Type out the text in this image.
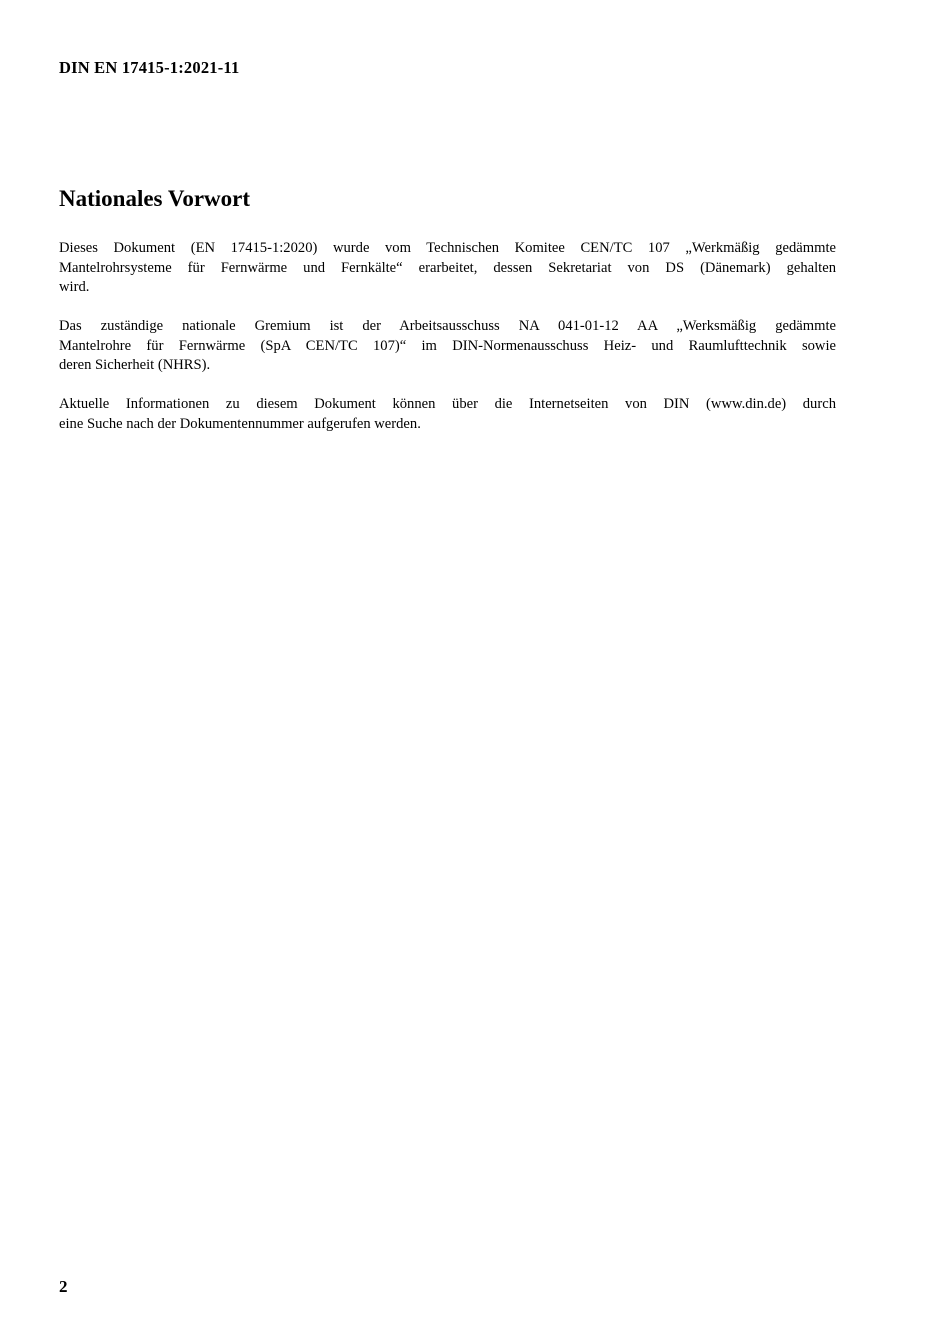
DIN EN 17415-1:2021-11
Nationales Vorwort

Dieses Dokument (EN 17415-1:2020) wurde vom Technischen Komitee CEN/TC 107 „Werkmäßig gedämmte
Mantelrohrsysteme für Fernwärme und Fernkälte“ erarbeitet, dessen Sekretariat von DS (Dänemark) gehalten
wird.

Das zuständige nationale Gremium ist der Arbeitsausschuss NA 041-01-12 AA „Werksmäßig gedämmte
Mantelrohre für Fernwärme (SpA CEN/TC 107)“ im DIN-Normenausschuss Heiz- und Raumlufttechnik sowie
deren Sicherheit (NHRS).

Aktuelle Informationen zu diesem Dokument können über die Internetseiten von DIN (www.din.de) durch
eine Suche nach der Dokumentennummer aufgerufen werden.

2
